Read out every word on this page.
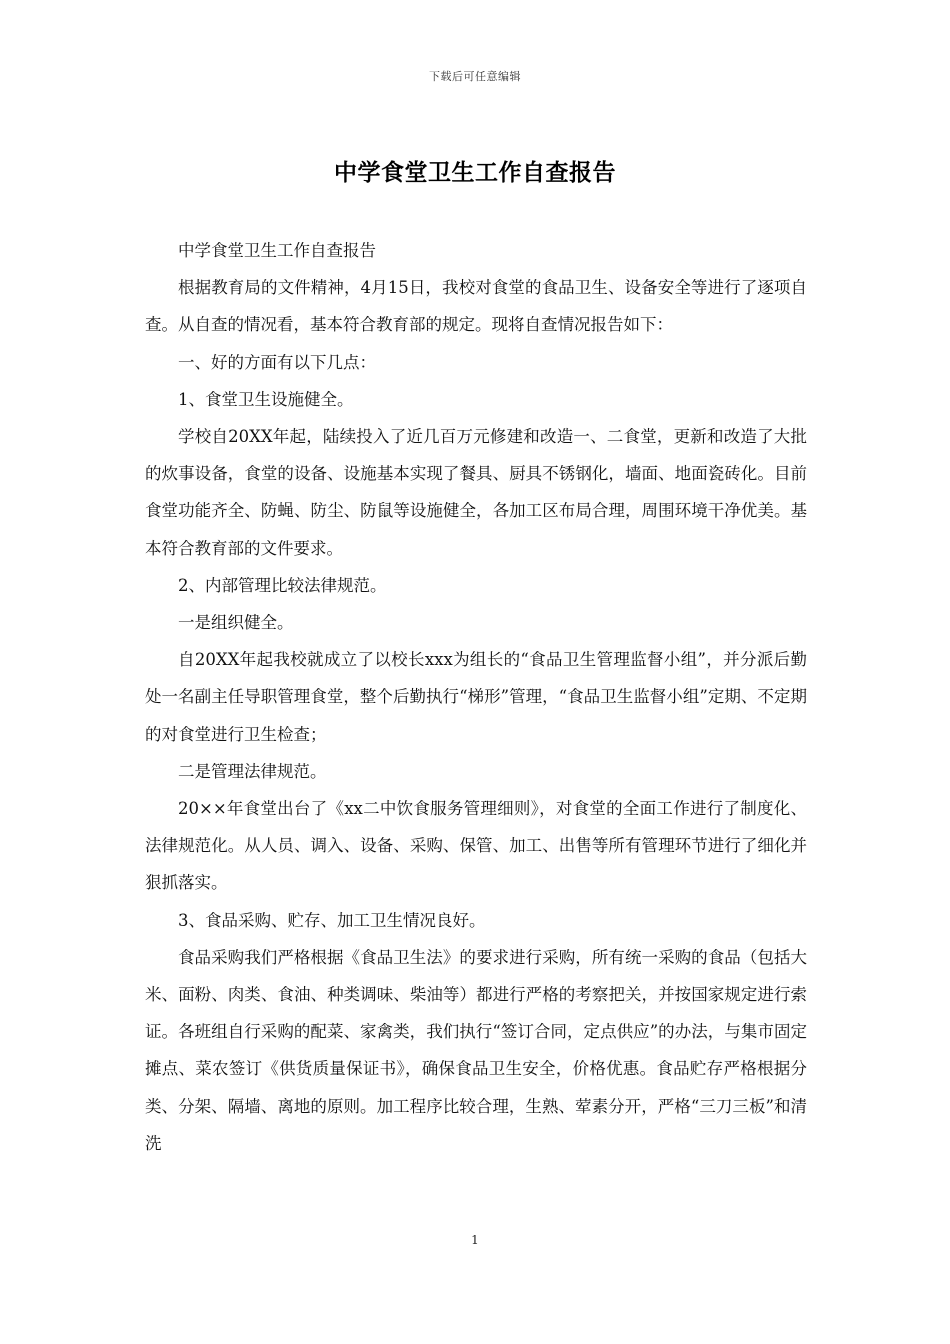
下载后可任意编辑
中学食堂卫生工作自查报告

中学食堂卫生工作自查报告

根据教育局的文件精神，4月15日，我校对食堂的食品卫生、设备安全等进行了逐项自查。从自查的情况看，基本符合教育部的规定。现将自查情况报告如下：

一、好的方面有以下几点：

1、食堂卫生设施健全。

学校自20XX年起，陆续投入了近几百万元修建和改造一、二食堂，更新和改造了大批的炊事设备，食堂的设备、设施基本实现了餐具、厨具不锈钢化，墙面、地面瓷砖化。目前食堂功能齐全、防蝇、防尘、防鼠等设施健全，各加工区布局合理，周围环境干净优美。基本符合教育部的文件要求。

2、内部管理比较法律规范。

一是组织健全。

自20XX年起我校就成立了以校长xxx为组长的“食品卫生管理监督小组”，并分派后勤处一名副主任导职管理食堂，整个后勤执行“梯形”管理，“食品卫生监督小组”定期、不定期的对食堂进行卫生检查；

二是管理法律规范。

20××年食堂出台了《xx二中饮食服务管理细则》，对食堂的全面工作进行了制度化、法律规范化。从人员、调入、设备、采购、保管、加工、出售等所有管理环节进行了细化并狠抓落实。

3、食品采购、贮存、加工卫生情况良好。

食品采购我们严格根据《食品卫生法》的要求进行采购，所有统一采购的食品（包括大米、面粉、肉类、食油、种类调味、柴油等）都进行严格的考察把关，并按国家规定进行索证。各班组自行采购的配菜、家禽类，我们执行“签订合同，定点供应”的办法，与集市固定摊点、菜农签订《供货质量保证书》，确保食品卫生安全，价格优惠。食品贮存严格根据分类、分架、隔墙、离地的原则。加工程序比较合理，生熟、荤素分开，严格“三刀三板”和清洗

1
